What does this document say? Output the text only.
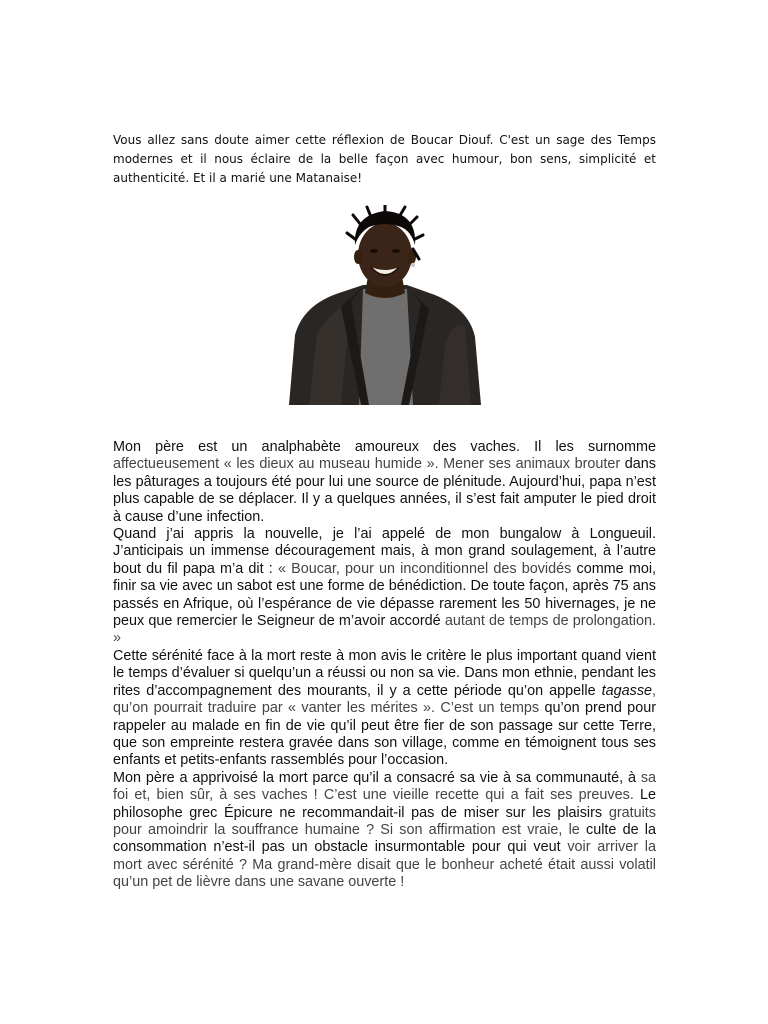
Vous allez sans doute aimer cette réflexion de Boucar Diouf. C'est un sage des Temps modernes et il nous éclaire de la belle façon avec humour, bon sens, simplicité et authenticité. Et il a marié une Matanaise!

Mon père est un analphabète amoureux des vaches. Il les surnomme affectueusement « les dieux au museau humide ». Mener ses animaux brouter dans les pâturages a toujours été pour lui une source de plénitude. Aujourd’hui, papa n’est plus capable de se déplacer. Il y a quelques années, il s’est fait amputer le pied droit à cause d’une infection.

Quand j’ai appris la nouvelle, je l’ai appelé de mon bungalow à Longueuil. J’anticipais un immense découragement mais, à mon grand soulagement, à l’autre bout du fil papa m’a dit : « Boucar, pour un inconditionnel des bovidés comme moi, finir sa vie avec un sabot est une forme de bénédiction. De toute façon, après 75 ans passés en Afrique, où l’espérance de vie dépasse rarement les 50 hivernages, je ne peux que remercier le Seigneur de m’avoir accordé autant de temps de prolongation. »

Cette sérénité face à la mort reste à mon avis le critère le plus important quand vient le temps d’évaluer si quelqu’un a réussi ou non sa vie. Dans mon ethnie, pendant les rites d’accompagnement des mourants, il y a cette période qu’on appelle tagasse, qu’on pourrait traduire par « vanter les mérites ». C’est un temps qu’on prend pour rappeler au malade en fin de vie qu’il peut être fier de son passage sur cette Terre, que son empreinte restera gravée dans son village, comme en témoignent tous ses enfants et petits-enfants rassemblés pour l’occasion.

Mon père a apprivoisé la mort parce qu’il a consacré sa vie à sa communauté, à sa foi et, bien sûr, à ses vaches ! C’est une vieille recette qui a fait ses preuves. Le philosophe grec Épicure ne recommandait-il pas de miser sur les plaisirs gratuits pour amoindrir la souffrance humaine ? Si son affirmation est vraie, le culte de la consommation n’est-il pas un obstacle insurmontable pour qui veut voir arriver la mort avec sérénité ? Ma grand-mère disait que le bonheur acheté était aussi volatil qu’un pet de lièvre dans une savane ouverte !
